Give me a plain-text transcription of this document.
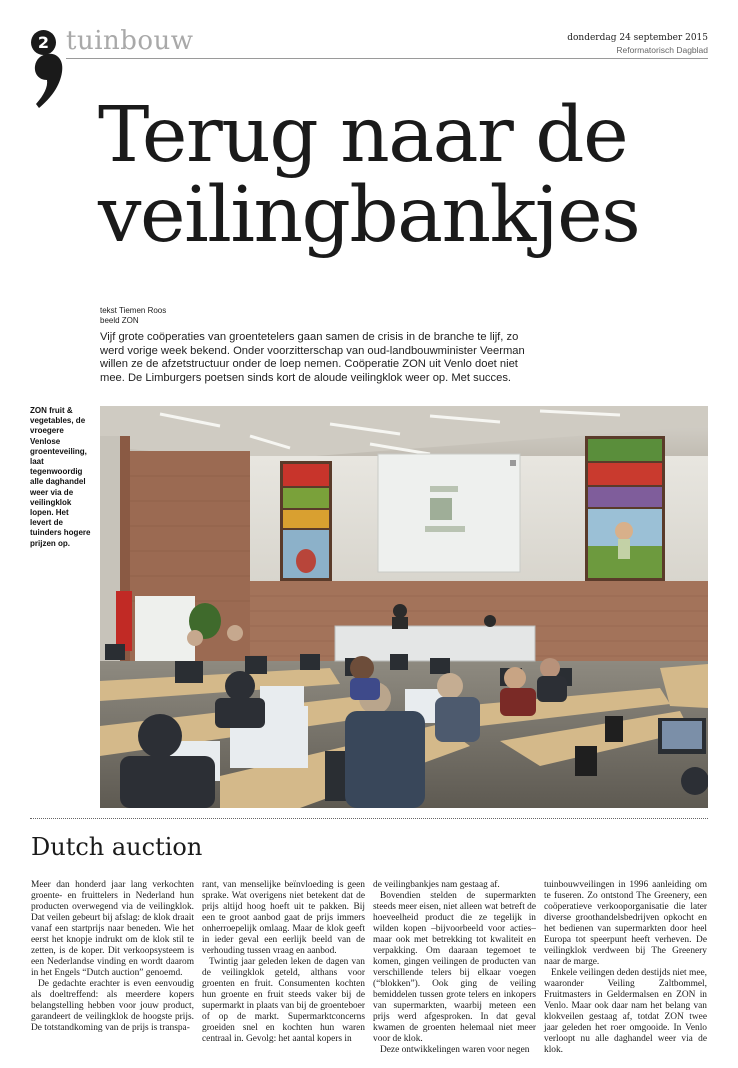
2 tuinbouw	donderdag 24 september 2015
Reformatorisch Dagblad
Terug naar de
veilingbankjes
tekst Tiemen Roos
beeld ZON
Vijf grote coöperaties van groentetelers gaan samen de crisis in de branche te lijf, zo werd vorige week bekend. Onder voorzitterschap van oud-landbouwminister Veerman willen ze de afzetstructuur onder de loep nemen. Coöperatie ZON uit Venlo doet niet mee. De Limburgers poetsen sinds kort de aloude veilingklok weer op. Met succes.
ZON fruit & vegetables, de vroegere Venlose groenteveiling, laat tegenwoordig alle daghandel weer via de veilingklok lopen. Het levert de tuinders hogere prijzen op.
Dutch auction

Meer dan honderd jaar lang verkochten groente- en fruittelers in Nederland hun producten overwegend via de veilingklok. Dat veilen gebeurt bij afslag: de klok draait vanaf een startprijs naar beneden. Wie het eerst het knopje indrukt om de klok stil te zetten, is de koper. Dit verkoopsysteem is een Nederlandse vinding en wordt daarom in het Engels “Dutch auction” genoemd.

De gedachte erachter is even eenvoudig als doeltreffend: als meerdere kopers belangstelling hebben voor jouw product, garandeert de veilingklok de hoogste prijs. De totstandkoming van de prijs is transpa-

rant, van menselijke beïnvloeding is geen sprake. Wat overigens niet betekent dat de prijs altijd hoog hoeft uit te pakken. Bij een te groot aanbod gaat de prijs immers onherroepelijk omlaag. Maar de klok geeft in ieder geval een eerlijk beeld van de verhouding tussen vraag en aanbod.

Twintig jaar geleden leken de dagen van de veilingklok geteld, althans voor groenten en fruit. Consumenten kochten hun groente en fruit steeds vaker bij de supermarkt in plaats van bij de groenteboer of op de markt. Supermarktconcerns groeiden snel en kochten hun waren centraal in. Gevolg: het aantal kopers in

de veilingbankjes nam gestaag af.

Bovendien stelden de supermarkten steeds meer eisen, niet alleen wat betreft de hoeveelheid product die ze tegelijk in wilden kopen –bijvoorbeeld voor acties– maar ook met betrekking tot kwaliteit en verpakking. Om daaraan tegemoet te komen, gingen veilingen de producten van verschillende telers bij elkaar voegen (“blokken”). Ook ging de veiling bemiddelen tussen grote telers en inkopers van supermarkten, waarbij meteen een prijs werd afgesproken. In dat geval kwamen de groenten helemaal niet meer voor de klok.

Deze ontwikkelingen waren voor negen

tuinbouwveilingen in 1996 aanleiding om te fuseren. Zo ontstond The Greenery, een coöperatieve verkooporganisatie die later diverse groothandelsbedrijven opkocht en het bedienen van supermarkten door heel Europa tot speerpunt heeft verheven. De veilingklok verdween bij The Greenery naar de marge.

Enkele veilingen deden destijds niet mee, waaronder Veiling Zaltbommel, Fruitmasters in Geldermalsen en ZON in Venlo. Maar ook daar nam het belang van klokveilen gestaag af, totdat ZON twee jaar geleden het roer omgooide. In Venlo verloopt nu alle daghandel weer via de klok.
